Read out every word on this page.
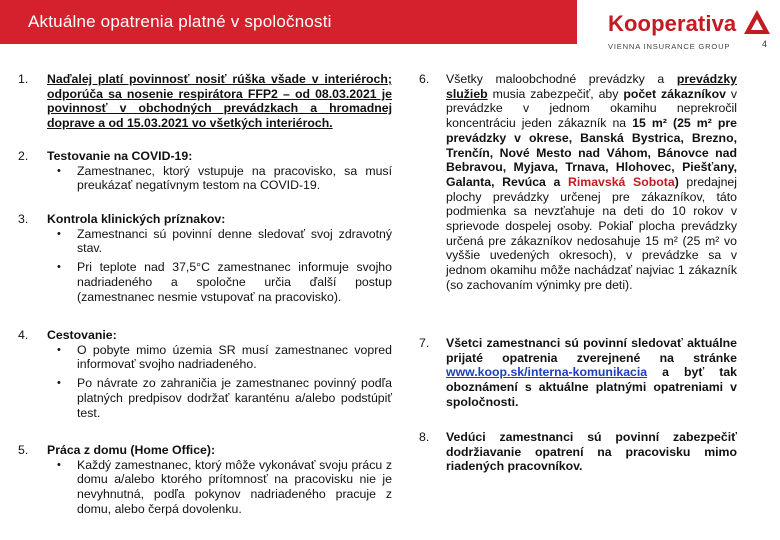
Aktuálne opatrenia platné v spoločnosti	Kooperativa
VIENNA INSURANCE GROUP	4
1. Naďalej platí povinnosť nosiť rúška všade v interiéroch; odporúča sa nosenie respirátora FFP2 – od 08.03.2021 je povinnosť v obchodných prevádzkach a hromadnej doprave a od 15.03.2021 vo všetkých interiéroch.
2. Testovanie na COVID-19:
• Zamestnanec, ktorý vstupuje na pracovisko, sa musí preukázať negatívnym testom na COVID-19.
3. Kontrola klinických príznakov:
• Zamestnanci sú povinní denne sledovať svoj zdravotný stav.
• Pri teplote nad 37,5°C zamestnanec informuje svojho nadriadeného a spoločne určia ďalší postup (zamestnanec nesmie vstupovať na pracovisko).
4. Cestovanie:
• O pobyte mimo územia SR musí zamestnanec vopred informovať svojho nadriadeného.
• Po návrate zo zahraničia je zamestnanec povinný podľa platných predpisov dodržať karanténu a/alebo podstúpiť test.
5. Práca z domu (Home Office):
• Každý zamestnanec, ktorý môže vykonávať svoju prácu z domu a/alebo ktorého prítomnosť na pracovisku nie je nevyhnutná, podľa pokynov nadriadeného pracuje z domu, alebo čerpá dovolenku.
6. Všetky maloobchodné prevádzky a prevádzky služieb musia zabezpečiť, aby počet zákazníkov v prevádzke v jednom okamihu neprekročil koncentráciu jeden zákazník na 15 m² (25 m² pre prevádzky v okrese, Banská Bystrica, Brezno, Trenčín, Nové Mesto nad Váhom, Bánovce nad Bebravou, Myjava, Trnava, Hlohovec, Piešťany, Galanta, Revúca a Rimavská Sobota) predajnej plochy prevádzky určenej pre zákazníkov, táto podmienka sa nevzťahuje na deti do 10 rokov v sprievode dospelej osoby. Pokiaľ plocha prevádzky určená pre zákazníkov nedosahuje 15 m² (25 m² vo vyššie uvedených okresoch), v prevádzke sa v jednom okamihu môže nachádzať najviac 1 zákazník (so zachovaním výnimky pre deti).
7. Všetci zamestnanci sú povinní sledovať aktuálne prijaté opatrenia zverejnené na stránke www.koop.sk/interna-komunikacia a byť tak oboznámení s aktuálne platnými opatreniami v spoločnosti.
8. Vedúci zamestnanci sú povinní zabezpečiť dodržiavanie opatrení na pracovisku mimo riadených pracovníkov.
